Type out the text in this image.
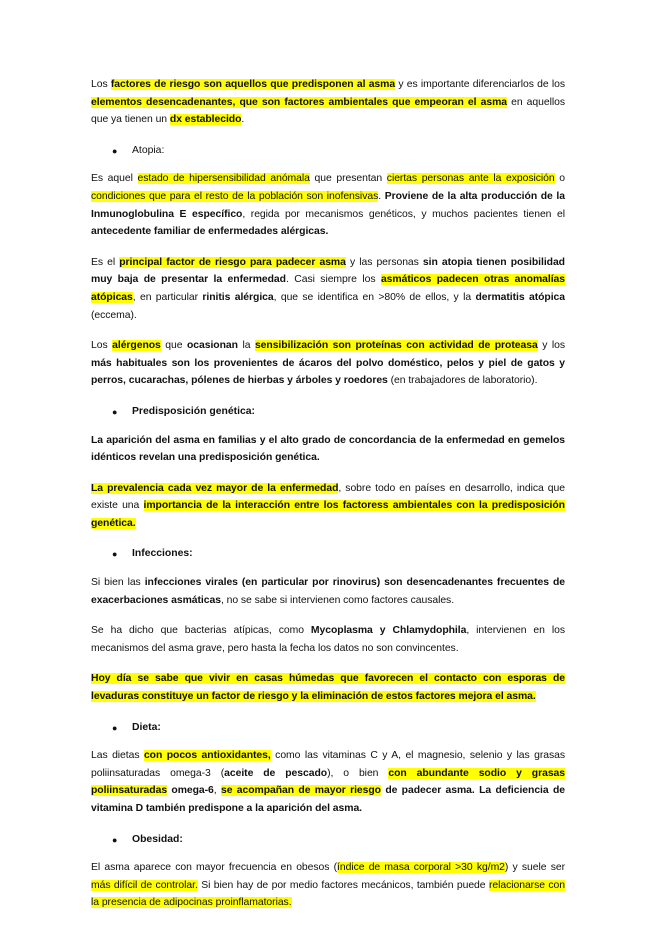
Los factores de riesgo son aquellos que predisponen al asma y es importante diferenciarlos de los elementos desencadenantes, que son factores ambientales que empeoran el asma en aquellos que ya tienen un dx establecido.

● Atopia:

Es aquel estado de hipersensibilidad anómala que presentan ciertas personas ante la exposición o condiciones que para el resto de la población son inofensivas. Proviene de la alta producción de la Inmunoglobulina E específico, regida por mecanismos genéticos, y muchos pacientes tienen el antecedente familiar de enfermedades alérgicas.

Es el principal factor de riesgo para padecer asma y las personas sin atopia tienen posibilidad muy baja de presentar la enfermedad. Casi siempre los asmáticos padecen otras anomalías atópicas, en particular rinitis alérgica, que se identifica en >80% de ellos, y la dermatitis atópica (eccema).

Los alérgenos que ocasionan la sensibilización son proteínas con actividad de proteasa y los más habituales son los provenientes de ácaros del polvo doméstico, pelos y piel de gatos y perros, cucarachas, pólenes de hierbas y árboles y roedores (en trabajadores de laboratorio).

● Predisposición genética:

La aparición del asma en familias y el alto grado de concordancia de la enfermedad en gemelos idénticos revelan una predisposición genética.

La prevalencia cada vez mayor de la enfermedad, sobre todo en países en desarrollo, indica que existe una importancia de la interacción entre los factoress ambientales con la predisposición genética.

● Infecciones:

Si bien las infecciones virales (en particular por rinovirus) son desencadenantes frecuentes de exacerbaciones asmáticas, no se sabe si intervienen como factores causales.

Se ha dicho que bacterias atípicas, como Mycoplasma y Chlamydophila, intervienen en los mecanismos del asma grave, pero hasta la fecha los datos no son convincentes.

Hoy día se sabe que vivir en casas húmedas que favorecen el contacto con esporas de levaduras constituye un factor de riesgo y la eliminación de estos factores mejora el asma.

● Dieta:

Las dietas con pocos antioxidantes, como las vitaminas C y A, el magnesio, selenio y las grasas poliinsaturadas omega-3 (aceite de pescado), o bien con abundante sodio y grasas poliinsaturadas omega-6, se acompañan de mayor riesgo de padecer asma. La deficiencia de vitamina D también predispone a la aparición del asma.

● Obesidad:

El asma aparece con mayor frecuencia en obesos (índice de masa corporal >30 kg/m2) y suele ser más difícil de controlar. Si bien hay de por medio factores mecánicos, también puede relacionarse con la presencia de adipocinas proinflamatorias.
